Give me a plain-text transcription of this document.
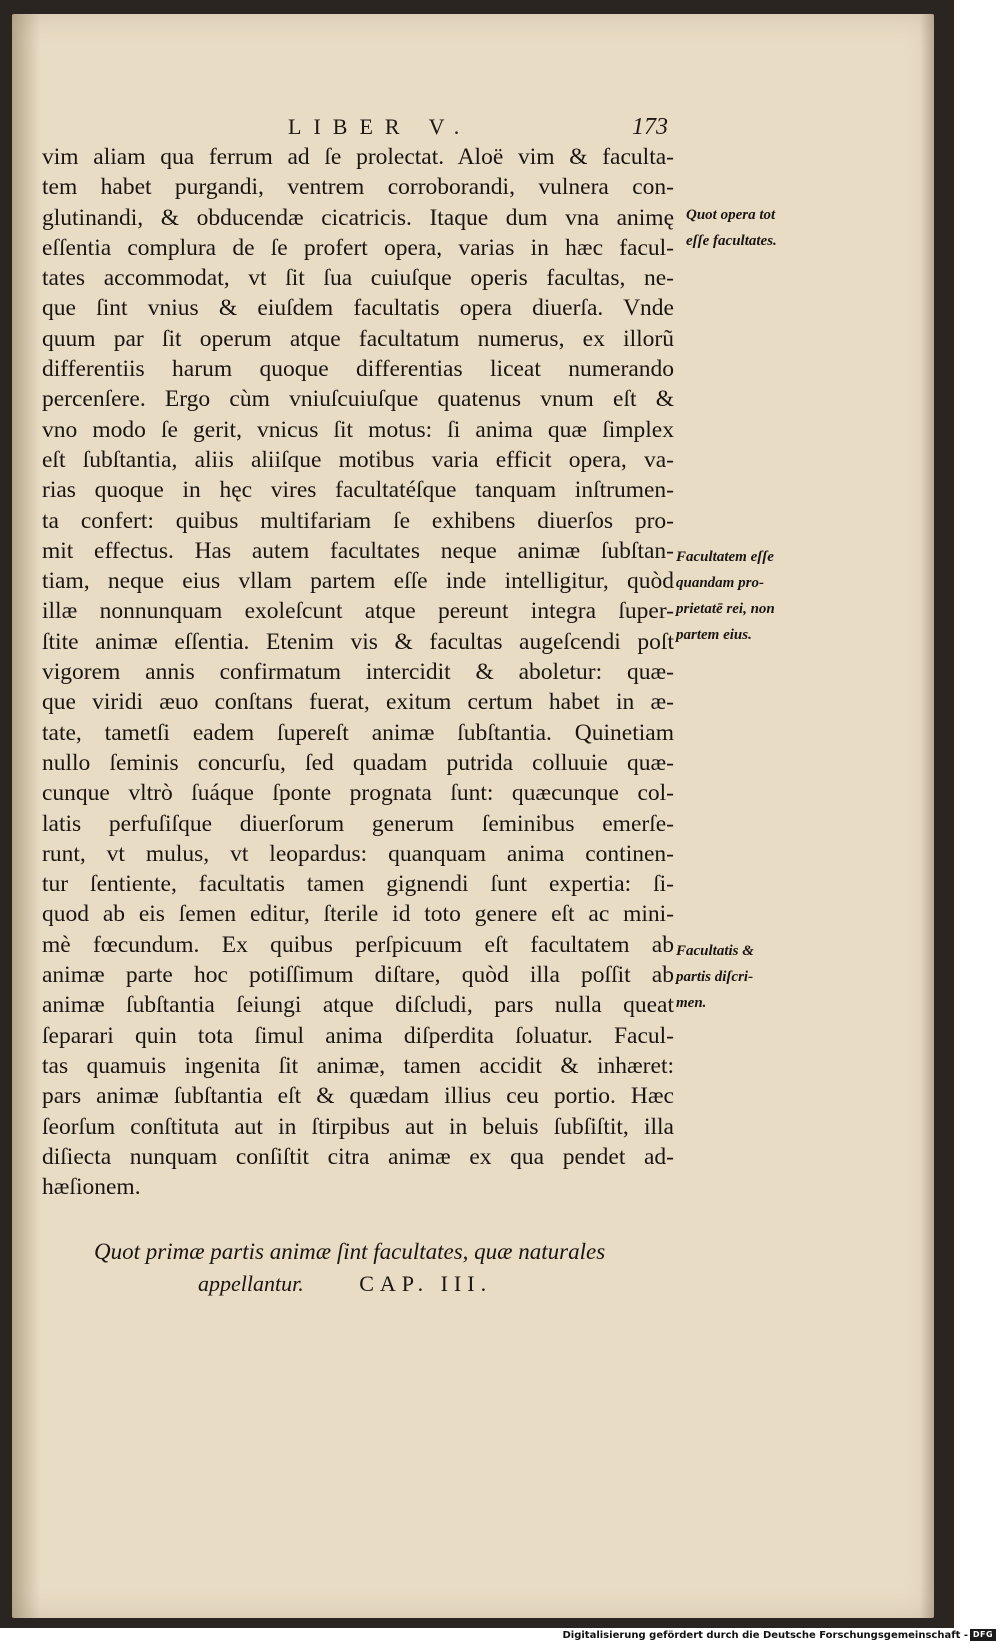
LIBER V.	173
vim aliam qua ferrum ad ſe prolectat. Aloë vim & faculta-
tem habet purgandi, ventrem corroborandi, vulnera con-
glutinandi, & obducendæ cicatricis. Itaque dum vna animę
eſſentia complura de ſe profert opera, varias in hæc facul-
tates accommodat, vt ſit ſua cuiuſque operis facultas, ne-
que ſint vnius & eiuſdem facultatis opera diuerſa. Vnde
quum par ſit operum atque facultatum numerus, ex illorũ
differentiis harum quoque differentias liceat numerando
percenſere. Ergo cùm vniuſcuiuſque quatenus vnum eſt &
vno modo ſe gerit, vnicus ſit motus: ſi anima quæ ſimplex
eſt ſubſtantia, aliis aliiſque motibus varia efficit opera, va-
rias quoque in hęc vires facultatéſque tanquam inſtrumen-
ta confert: quibus multifariam ſe exhibens diuerſos pro-
mit effectus. Has autem facultates neque animæ ſubſtan-
tiam, neque eius vllam partem eſſe inde intelligitur, quòd
illæ nonnunquam exoleſcunt atque pereunt integra ſuper-
ſtite animæ eſſentia. Etenim vis & facultas augeſcendi poſt
vigorem annis confirmatum intercidit & aboletur: quæ-
que viridi æuo conſtans fuerat, exitum certum habet in æ-
tate, tametſi eadem ſupereſt animæ ſubſtantia. Quinetiam
nullo ſeminis concurſu, ſed quadam putrida colluuie quæ-
cunque vltrò ſuáque ſponte prognata ſunt: quæcunque col-
latis perfuſiſque diuerſorum generum ſeminibus emerſe-
runt, vt mulus, vt leopardus: quanquam anima continen-
tur ſentiente, facultatis tamen gignendi ſunt expertia: ſi-
quod ab eis ſemen editur, ſterile id toto genere eſt ac mini-
mè fœcundum. Ex quibus perſpicuum eſt facultatem ab
animæ parte hoc potiſſimum diſtare, quòd illa poſſit ab
animæ ſubſtantia ſeiungi atque diſcludi, pars nulla queat
ſeparari quin tota ſimul anima diſperdita ſoluatur. Facul-
tas quamuis ingenita ſit animæ, tamen accidit & inhæret:
pars animæ ſubſtantia eſt & quædam illius ceu portio. Hæc
ſeorſum conſtituta aut in ſtirpibus aut in beluis ſubſiſtit, illa
diſiecta nunquam conſiſtit citra animæ ex qua pendet ad-
hæſionem.
Quot opera tot
eſſe facultates.
Facultatem eſſe
quandam pro-
prietatē rei, non
partem eius.
Facultatis &
partis diſcri-
men.
Quot primæ partis animæ ſint facultates, quæ naturales
appellantur.	CAP. III.
Digitalisierung gefördert durch die Deutsche Forschungsgemeinschaft - DFG
